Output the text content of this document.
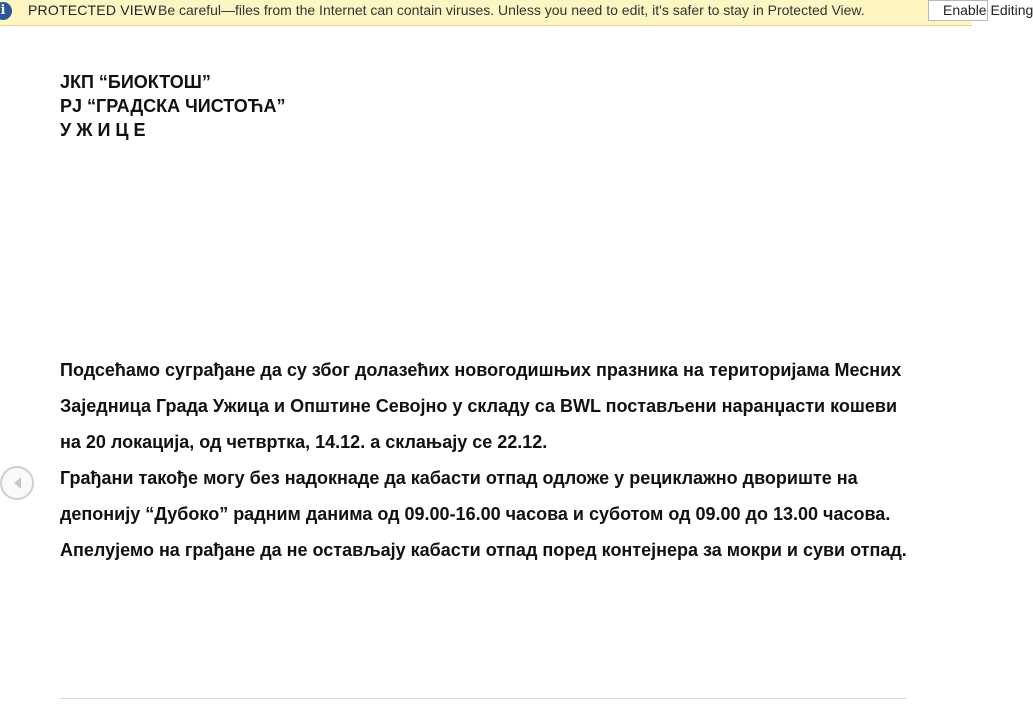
i	PROTECTED VIEW Be careful—files from the Internet can contain viruses. Unless you need to edit, it's safer to stay in Protected View.	Enable Editing
ЈКП “БИОКТОШ”
РЈ “ГРАДСКА ЧИСТОЋА”
У Ж И Ц Е
Подсећамо суграђане да су због долазећих новогодишњих празника на територијама Месних Заједница Града Ужица и Општине Севојно у складу са BWL постављени наранџасти кошеви на 20 локација, од четвртка, 14.12. а склањају се 22.12.
Грађани такође могу без надокнаде да кабасти отпад одложе у рециклажно двориште на депонију “Дубоко” радним данима од 09.00-16.00 часова и суботом од 09.00 до 13.00 часова.
Апелујемо на грађане да не остављају кабасти отпад поред контејнера за мокри и суви отпад.
